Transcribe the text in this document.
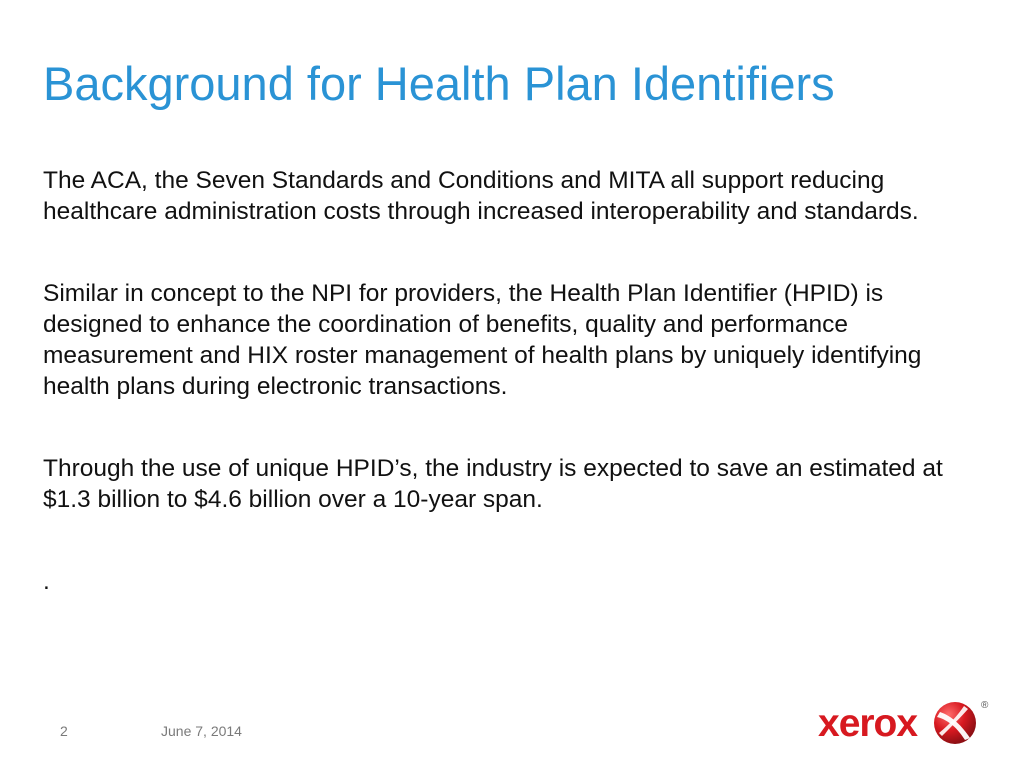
Background for Health Plan Identifiers

The ACA, the Seven Standards and Conditions and MITA all support reducing healthcare administration costs through increased interoperability and standards.

Similar in concept to the NPI for providers, the Health Plan Identifier (HPID) is designed to enhance the coordination of benefits, quality and performance measurement and HIX roster management of health plans by uniquely identifying health plans during electronic transactions.

Through the use of unique HPID’s, the industry is expected to save an estimated at $1.3 billion to $4.6 billion over a 10-year span.

.

2	June 7, 2014	xerox	®
